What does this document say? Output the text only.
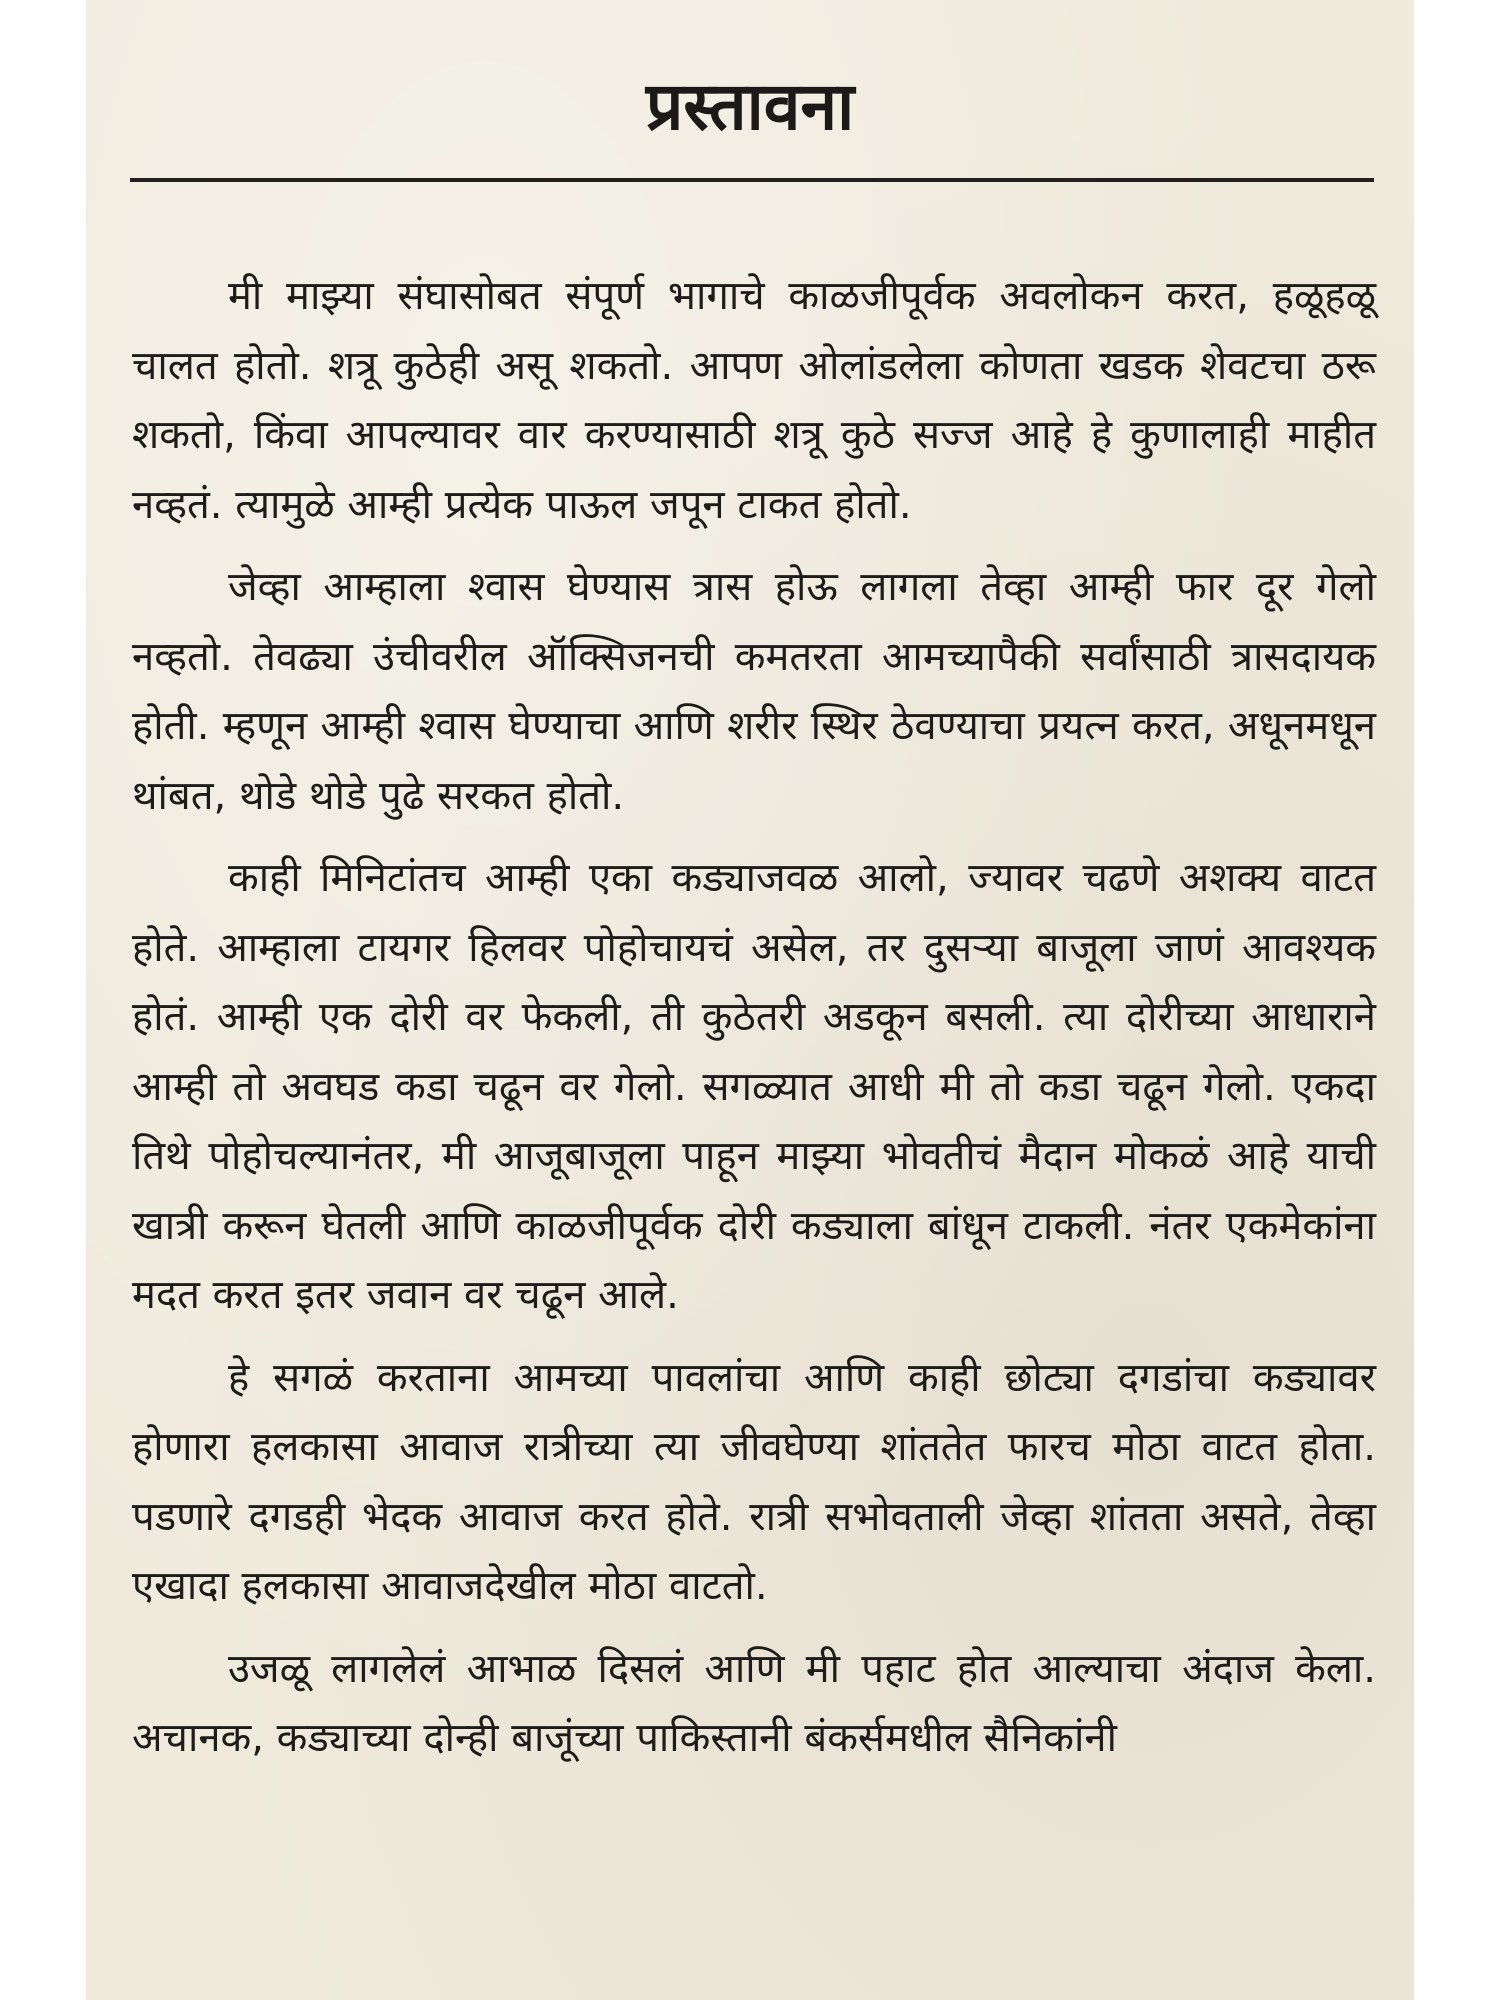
प्रस्तावना

मी माझ्या संघासोबत संपूर्ण भागाचे काळजीपूर्वक अवलोकन करत, हळूहळू चालत होतो. शत्रू कुठेही असू शकतो. आपण ओलांडलेला कोणता खडक शेवटचा ठरू शकतो, किंवा आपल्यावर वार करण्यासाठी शत्रू कुठे सज्ज आहे हे कुणालाही माहीत नव्हतं. त्यामुळे आम्ही प्रत्येक पाऊल जपून टाकत होतो.

जेव्हा आम्हाला श्वास घेण्यास त्रास होऊ लागला तेव्हा आम्ही फार दूर गेलो नव्हतो. तेवढ्या उंचीवरील ऑक्सिजनची कमतरता आमच्यापैकी सर्वांसाठी त्रासदायक होती. म्हणून आम्ही श्वास घेण्याचा आणि शरीर स्थिर ठेवण्याचा प्रयत्न करत, अधूनमधून थांबत, थोडे थोडे पुढे सरकत होतो.

काही मिनिटांतच आम्ही एका कड्याजवळ आलो, ज्यावर चढणे अशक्य वाटत होते. आम्हाला टायगर हिलवर पोहोचायचं असेल, तर दुसऱ्या बाजूला जाणं आवश्यक होतं. आम्ही एक दोरी वर फेकली, ती कुठेतरी अडकून बसली. त्या दोरीच्या आधाराने आम्ही तो अवघड कडा चढून वर गेलो. सगळ्यात आधी मी तो कडा चढून गेलो. एकदा तिथे पोहोचल्यानंतर, मी आजूबाजूला पाहून माझ्या भोवतीचं मैदान मोकळं आहे याची खात्री करून घेतली आणि काळजीपूर्वक दोरी कड्याला बांधून टाकली. नंतर एकमेकांना मदत करत इतर जवान वर चढून आले.

हे सगळं करताना आमच्या पावलांचा आणि काही छोट्या दगडांचा कड्यावर होणारा हलकासा आवाज रात्रीच्या त्या जीवघेण्या शांततेत फारच मोठा वाटत होता. पडणारे दगडही भेदक आवाज करत होते. रात्री सभोवताली जेव्हा शांतता असते, तेव्हा एखादा हलकासा आवाजदेखील मोठा वाटतो.

उजळू लागलेलं आभाळ दिसलं आणि मी पहाट होत आल्याचा अंदाज केला. अचानक, कड्याच्या दोन्ही बाजूंच्या पाकिस्तानी बंकर्समधील सैनिकांनी
